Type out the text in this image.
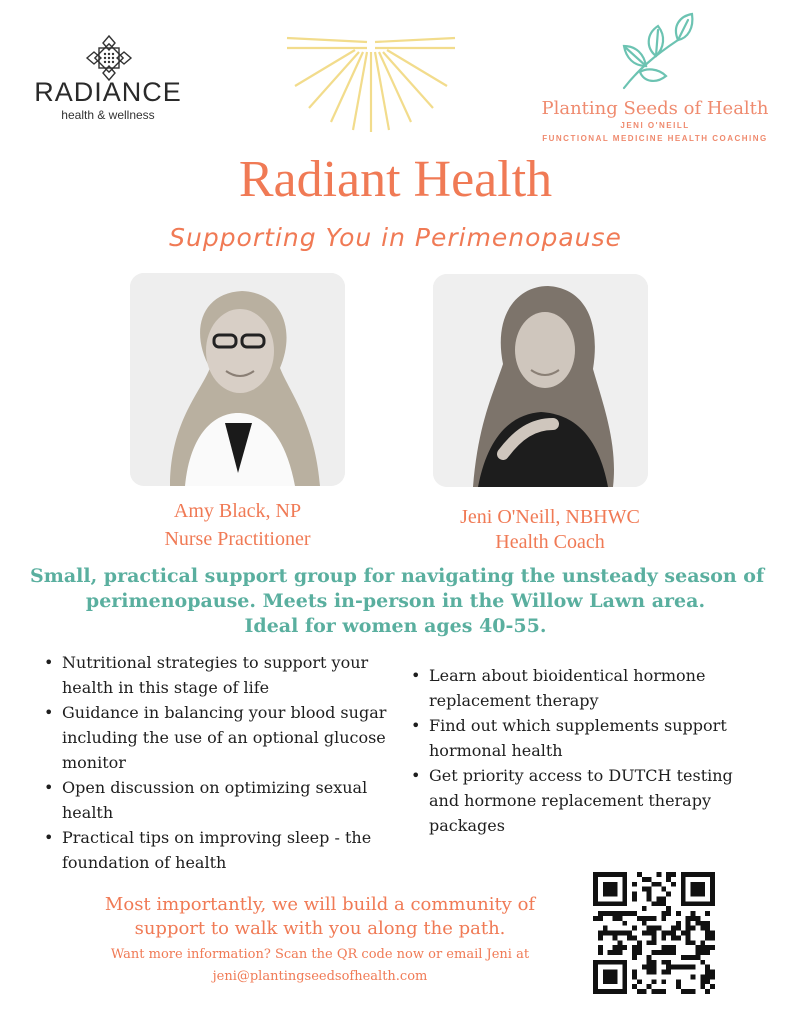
RADIANCE
health & wellness	Planting Seeds of Health
JENI O'NEILL
FUNCTIONAL MEDICINE HEALTH COACHING
Radiant Health
Supporting You in Perimenopause
Amy Black, NP
Nurse Practitioner
Jeni O'Neill, NBHWC
Health Coach
Small, practical support group for navigating the unsteady season of
perimenopause. Meets in-person in the Willow Lawn area.
Ideal for women ages 40-55.
• Nutritional strategies to support your health in this stage of life
• Guidance in balancing your blood sugar including the use of an optional glucose monitor
• Open discussion on optimizing sexual health
• Practical tips on improving sleep - the foundation of health
• Learn about bioidentical hormone replacement therapy
• Find out which supplements support hormonal health
• Get priority access to DUTCH testing and hormone replacement therapy packages
Most importantly, we will build a community of
support to walk with you along the path.
Want more information? Scan the QR code now or email Jeni at
jeni@plantingseedsofhealth.com
